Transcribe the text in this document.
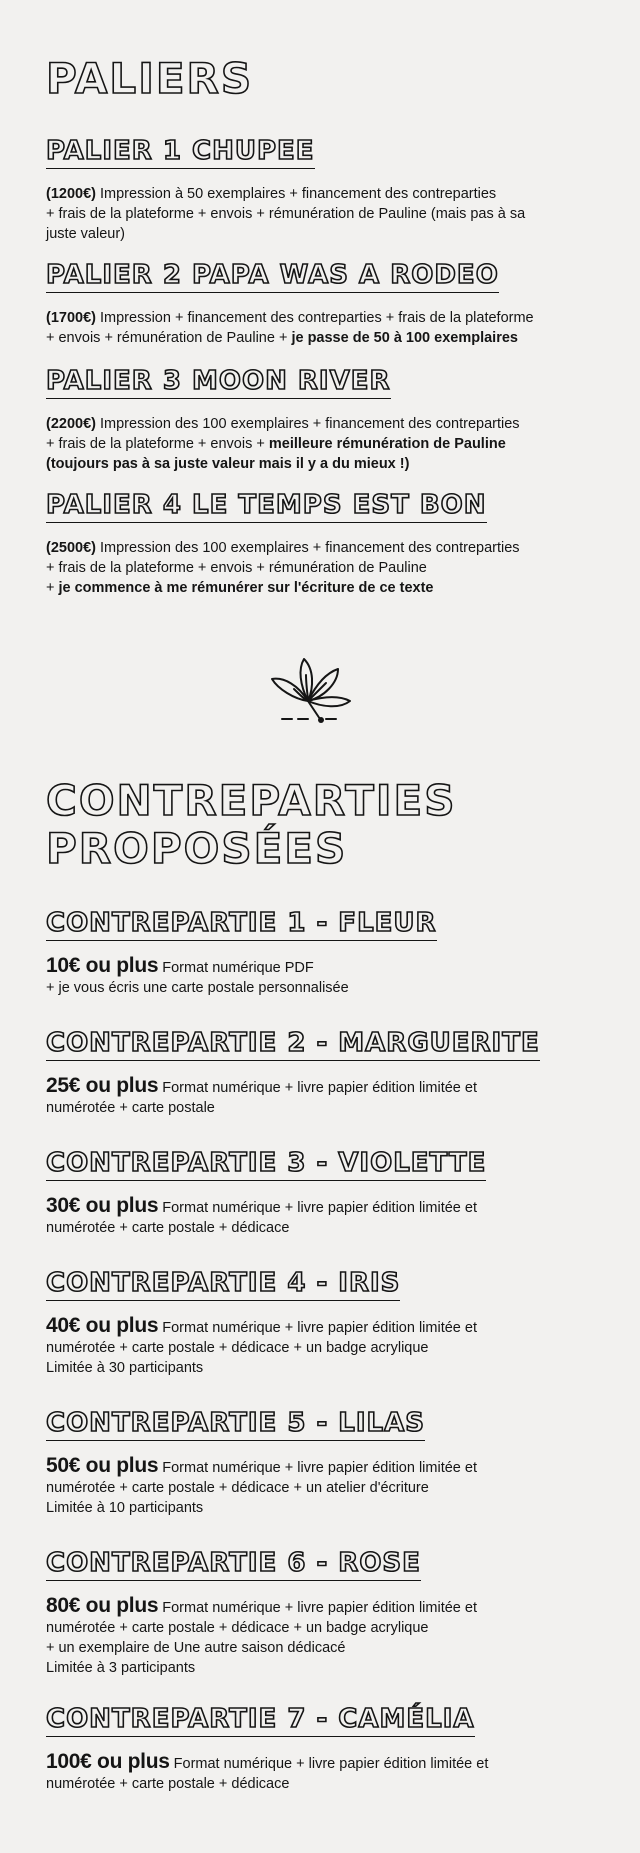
PALIERS
PALIER 1 CHUPEE
(1200€) Impression à 50 exemplaires + financement des contreparties
+ frais de la plateforme + envois + rémunération de Pauline (mais pas à sa
juste valeur)
PALIER 2 PAPA WAS A RODEO
(1700€) Impression + financement des contreparties + frais de la plateforme
+ envois + rémunération de Pauline + je passe de 50 à 100 exemplaires
PALIER 3 MOON RIVER
(2200€) Impression des 100 exemplaires + financement des contreparties
+ frais de la plateforme + envois + meilleure rémunération de Pauline
(toujours pas à sa juste valeur mais il y a du mieux !)
PALIER 4 LE TEMPS EST BON
(2500€) Impression des 100 exemplaires + financement des contreparties
+ frais de la plateforme + envois + rémunération de Pauline
+ je commence à me rémunérer sur l'écriture de ce texte
CONTREPARTIES
PROPOSÉES
CONTREPARTIE 1 - FLEUR
10€ ou plus Format numérique PDF
+ je vous écris une carte postale personnalisée
CONTREPARTIE 2 - MARGUERITE
25€ ou plus Format numérique + livre papier édition limitée et
numérotée + carte postale
CONTREPARTIE 3 - VIOLETTE
30€ ou plus Format numérique + livre papier édition limitée et
numérotée + carte postale + dédicace
CONTREPARTIE 4 - IRIS
40€ ou plus Format numérique + livre papier édition limitée et
numérotée + carte postale + dédicace + un badge acrylique
Limitée à 30 participants
CONTREPARTIE 5 - LILAS
50€ ou plus Format numérique + livre papier édition limitée et
numérotée + carte postale + dédicace + un atelier d'écriture
Limitée à 10 participants
CONTREPARTIE 6 - ROSE
80€ ou plus Format numérique + livre papier édition limitée et
numérotée + carte postale + dédicace + un badge acrylique
+ un exemplaire de Une autre saison dédicacé
Limitée à 3 participants
CONTREPARTIE 7 - CAMÉLIA
100€ ou plus Format numérique + livre papier édition limitée et
numérotée + carte postale + dédicace
